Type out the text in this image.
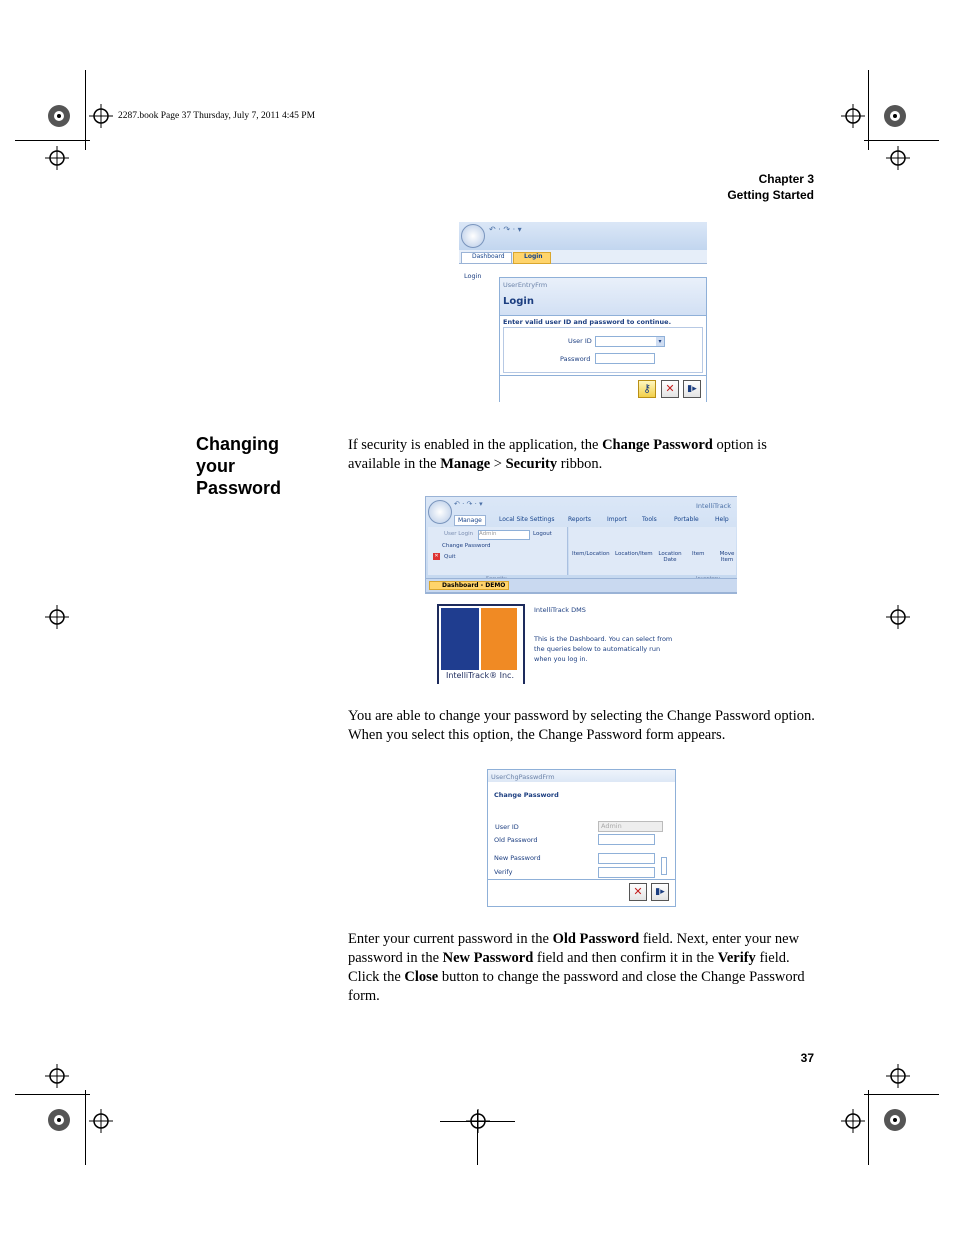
2287.book Page 37 Thursday, July 7, 2011 4:45 PM
Chapter 3
Getting Started
↶ · ↷ · ▾
Dashboard	Login
Login
UserEntryFrm
Login
Enter valid user ID and password to continue.
User ID	▾
Password
⚷	✕	▮▸
Changing
your
Password
If security is enabled in the application, the Change Password option is available in the Manage > Security ribbon.
↶ · ↷ · ▾	IntelliTrack
Manage	Local Site Settings Reports	Import	Tools	Portable	Help
User Login Admin	Logout
Change Password
✕ Quit	Item/Location Location/Item Location Date
Item	Move Item
Dashboard - DEMO
IntelliTrack® Inc.
IntelliTrack DMS
This is the Dashboard. You can select from
the queries below to automatically run
when you log in.
You are able to change your password by selecting the Change Password option. When you select this option, the Change Password form appears.
UserChgPasswdFrm
Change Password
User ID	Admin
Old Password
New Password
Verify
✕	▮▸
Enter your current password in the Old Password field. Next, enter your new password in the New Password field and then confirm it in the Verify field. Click the Close button to change the password and close the Change Password form.
37
